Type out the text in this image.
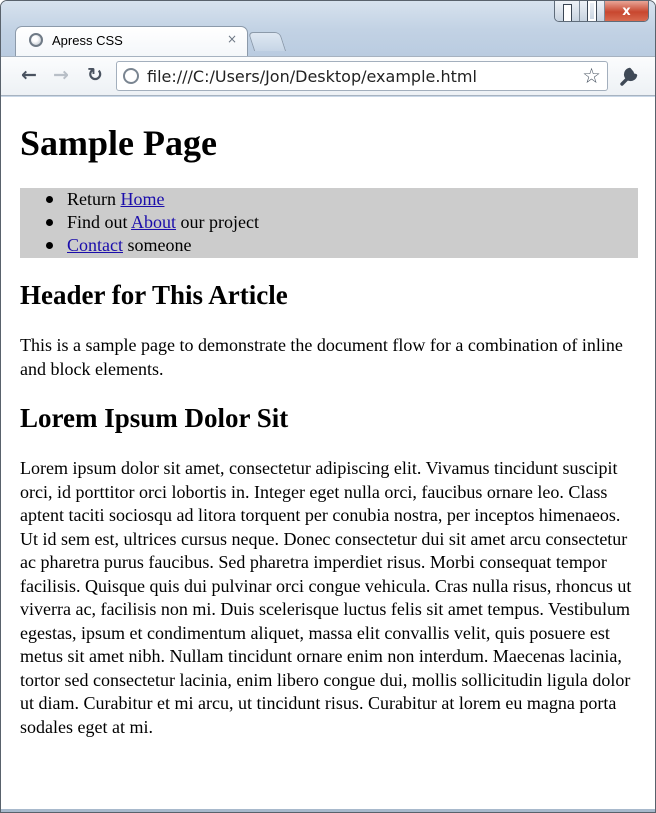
x
Apress CSS	×
← → ↻	file:///C:/Users/Jon/Desktop/example.html	☆
Sample Page
Return Home
Find out About our project
Contact someone
Header for This Article

This is a sample page to demonstrate the document flow for a combination of inline and block elements.

Lorem Ipsum Dolor Sit

Lorem ipsum dolor sit amet, consectetur adipiscing elit. Vivamus tincidunt suscipit orci, id porttitor orci lobortis in. Integer eget nulla orci, faucibus ornare leo. Class aptent taciti sociosqu ad litora torquent per conubia nostra, per inceptos himenaeos. Ut id sem est, ultrices cursus neque. Donec consectetur dui sit amet arcu consectetur ac pharetra purus faucibus. Sed pharetra imperdiet risus. Morbi consequat tempor facilisis. Quisque quis dui pulvinar orci congue vehicula. Cras nulla risus, rhoncus ut viverra ac, facilisis non mi. Duis scelerisque luctus felis sit amet tempus. Vestibulum egestas, ipsum et condimentum aliquet, massa elit convallis velit, quis posuere est metus sit amet nibh. Nullam tincidunt ornare enim non interdum. Maecenas lacinia, tortor sed consectetur lacinia, enim libero congue dui, mollis sollicitudin ligula dolor ut diam. Curabitur et mi arcu, ut tincidunt risus. Curabitur at lorem eu magna porta sodales eget at mi.
